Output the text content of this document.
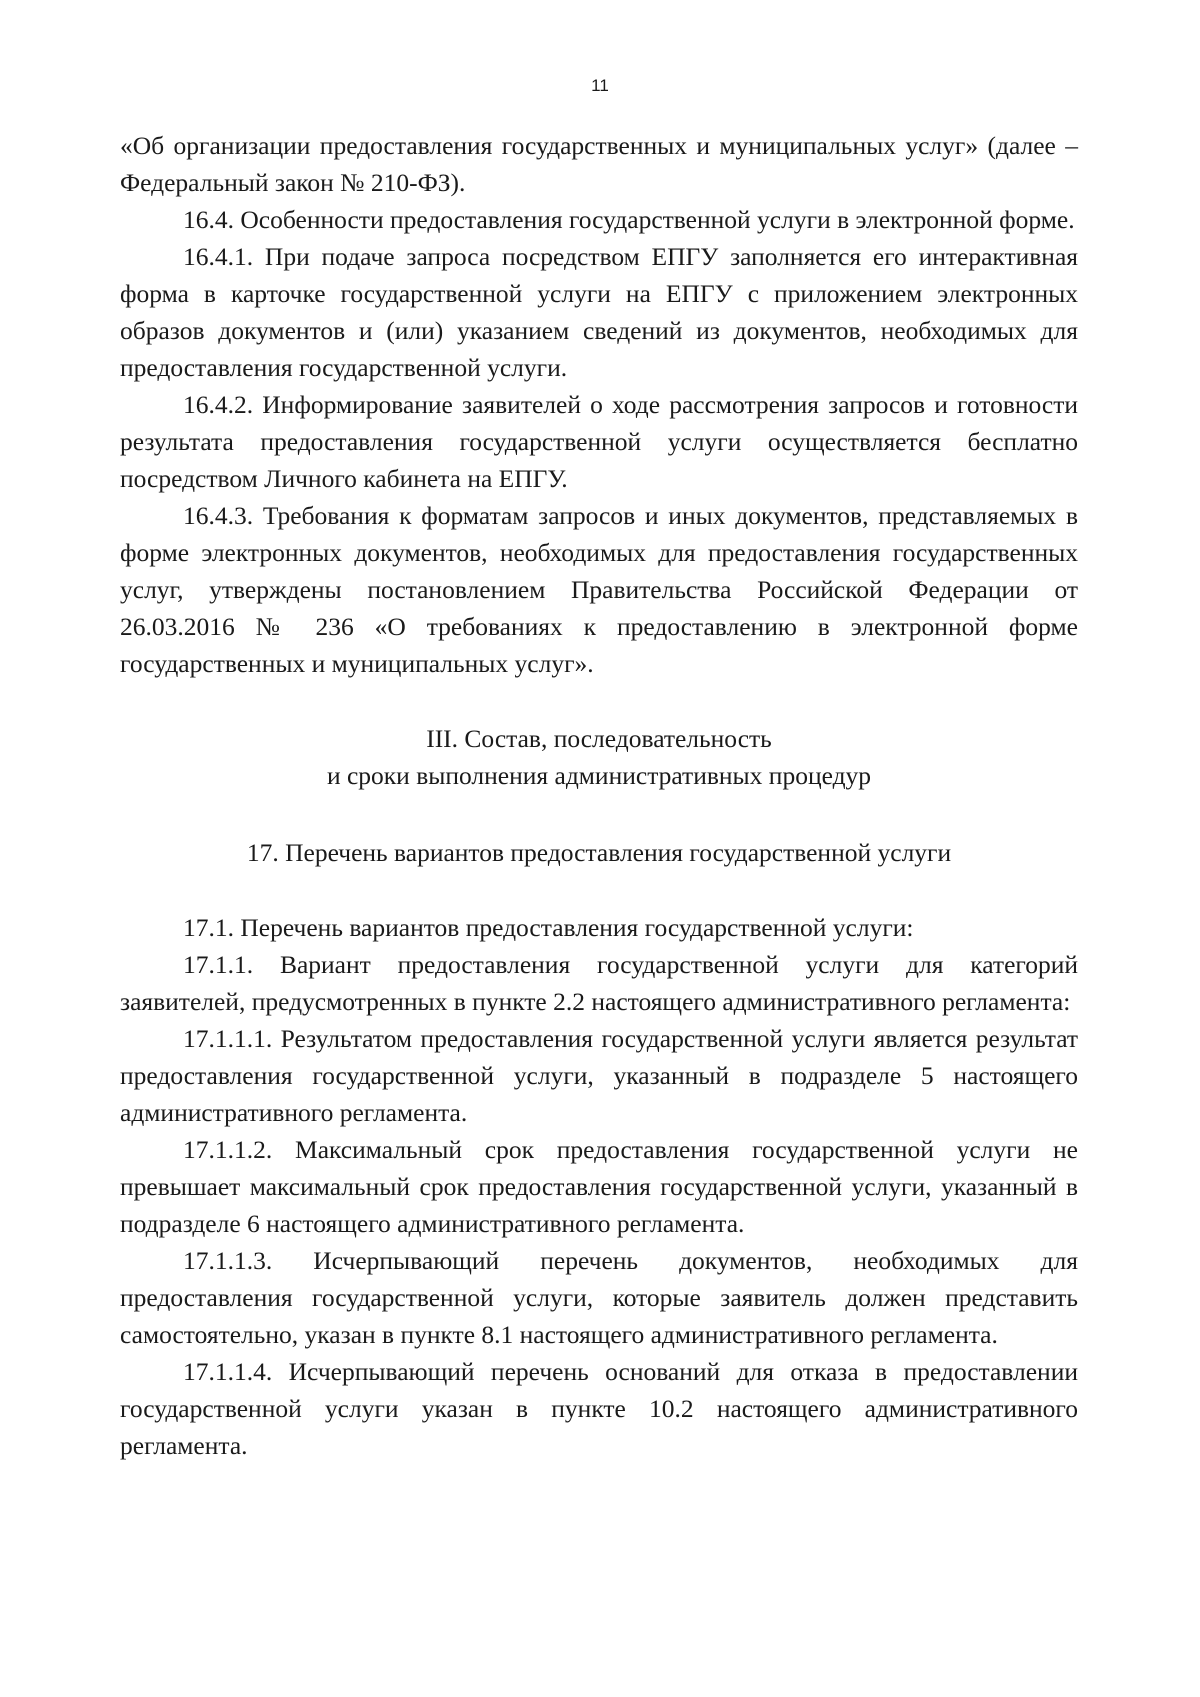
11

«Об организации предоставления государственных и муниципальных услуг» (далее – Федеральный закон № 210-ФЗ).

16.4. Особенности предоставления государственной услуги в электронной форме.

16.4.1. При подаче запроса посредством ЕПГУ заполняется его интерактивная форма в карточке государственной услуги на ЕПГУ с приложением электронных образов документов и (или) указанием сведений из документов, необходимых для предоставления государственной услуги.

16.4.2. Информирование заявителей о ходе рассмотрения запросов и готовности результата предоставления государственной услуги осуществляется бесплатно посредством Личного кабинета на ЕПГУ.

16.4.3. Требования к форматам запросов и иных документов, представляемых в форме электронных документов, необходимых для предоставления государственных услуг, утверждены постановлением Правительства Российской Федерации от 26.03.2016 № 236 «О требованиях к предоставлению в электронной форме государственных и муниципальных услуг».

III. Состав, последовательность

и сроки выполнения административных процедур

17. Перечень вариантов предоставления государственной услуги

17.1. Перечень вариантов предоставления государственной услуги:

17.1.1. Вариант предоставления государственной услуги для категорий заявителей, предусмотренных в пункте 2.2 настоящего административного регламента:

17.1.1.1. Результатом предоставления государственной услуги является результат предоставления государственной услуги, указанный в подразделе 5 настоящего административного регламента.

17.1.1.2. Максимальный срок предоставления государственной услуги не превышает максимальный срок предоставления государственной услуги, указанный в подразделе 6 настоящего административного регламента.

17.1.1.3. Исчерпывающий перечень документов, необходимых для предоставления государственной услуги, которые заявитель должен представить самостоятельно, указан в пункте 8.1 настоящего административного регламента.

17.1.1.4. Исчерпывающий перечень оснований для отказа в предоставлении государственной услуги указан в пункте 10.2 настоящего административного регламента.
